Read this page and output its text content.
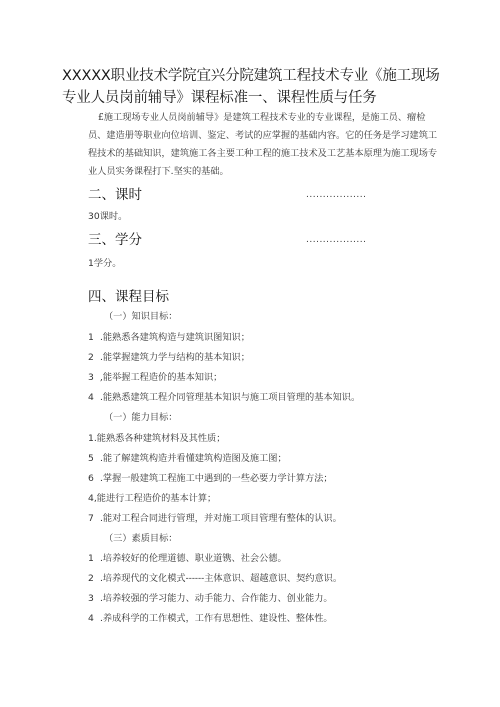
XXXXX职业技术学院宜兴分院建筑工程技术专业《施工现场
专业人员岗前辅导》课程标准一、课程性质与任务
£施工现场专业人员岗前辅导》是建筑工程技术专业的专业课程，是施工员、瘤检
员、建造册等职业向位培训、鉴定、考试的应掌握的基础内容。它的任务是学习建筑工
程技术的基础知识，建筑施工各主要工种工程的施工技术及工艺基本原理为施工现场专
业人员实务课程打下.坚实的基础。
二、课时	..................
30课时。
三、学分	..................
1学分。
四、课程目标
（一）知识目标：
1 .能熟悉各建筑构造与建筑识图知识；
2 .能掌握建筑力学与结构的基本知识；
3 ,能举握工程造价的基本知识；
4 .能熟悉建筑工程介同管理基本知识与施工项目管理的基本知识。
（一）能力目标：
1.能熟悉各种建筑材料及其性质；
5 .能了解建筑构造并看懂建筑构造图及施工图；
6 .掌握一般建筑工程施工中遇到的一些必要力学计算方法；
4,能进行工程造价的基本计算；
7 .能对工程合同进行管理，并对施工项目管理有整体的认识。
（三）素质目标：
1 .培养较好的伦理道德、职业道镌、社会公德。
2 .培养现代的文化模式------主体意识、超越意识、契约意识。
3 .培养较强的学习能力、动手能力、合作能力、创业能力。
4 .养成科学的工作模式，工作有思想性、建设性、整体性。
